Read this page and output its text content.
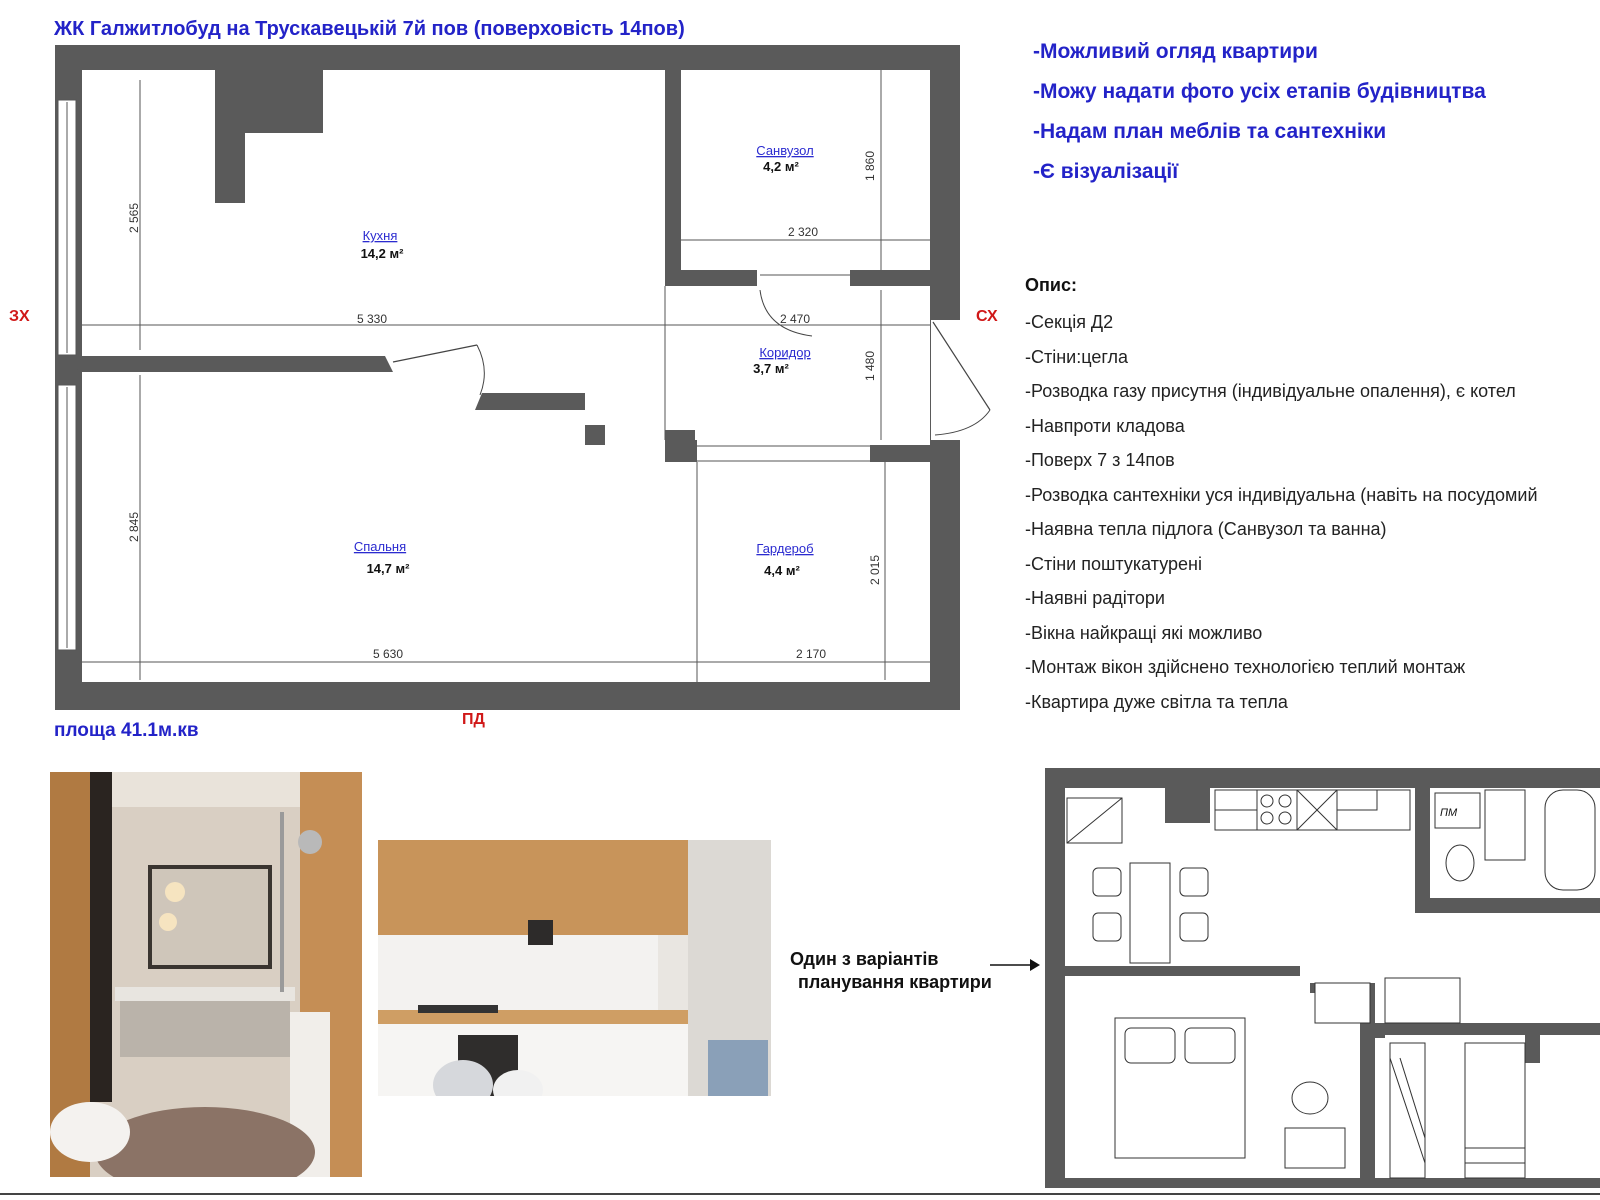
ЖК Галжитлобуд на Трускавецькій 7й пов (поверховість 14пов)
Кухня
14,2 м²
Санвузол
4,2 м²
Коридор
3,7 м²
Спальня
14,7 м²
Гардероб
4,4 м²
5 330	2 470
2 320
5 630	2 170
2 565
2 845
1 860
1 480
2 015
ЗХ	СХ
ПД
площа 41.1м.кв
-Можливий огляд квартири
-Можу надати фото усіх етапів будівництва
-Надам план меблів та сантехніки
-Є візуалізації
Опис:
-Секція Д2
-Стіни:цегла
-Розводка газу присутня (індивідуальне опалення), є котел
-Навпроти кладова
-Поверх 7 з 14пов
-Розводка сантехніки уся індивідуальна (навіть на посудомий
-Наявна тепла підлога (Санвузол та ванна)
-Стіни поштукатурені
-Наявні радітори
-Вікна найкращі які можливо
-Монтаж вікон здійснено технологією теплий монтаж
-Квартира дуже світла та тепла
Один з варіантів
планування квартири
ПМ
